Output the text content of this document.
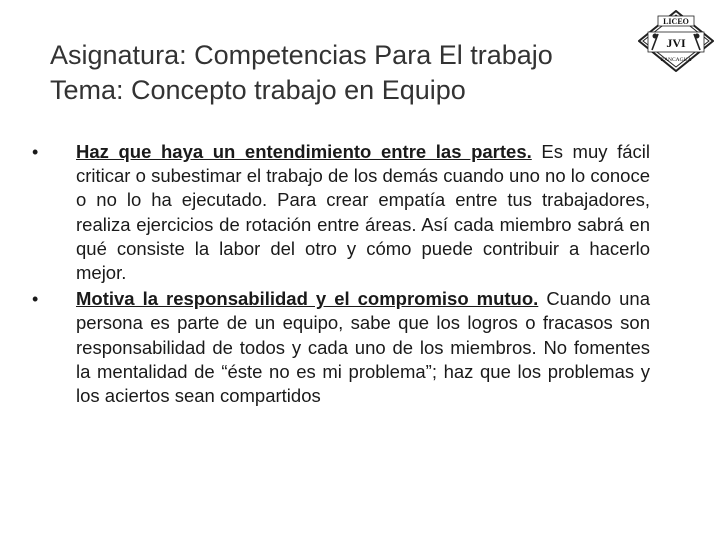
Asignatura: Competencias Para El trabajo
Tema: Concepto trabajo en Equipo
LICEO
JVI
RANCAGUA
• Haz que haya un entendimiento entre las partes. Es muy fácil criticar o subestimar el trabajo de los demás cuando uno no lo conoce o no lo ha ejecutado. Para crear empatía entre tus trabajadores, realiza ejercicios de rotación entre áreas. Así cada miembro sabrá en qué consiste la labor del otro y cómo puede contribuir a hacerlo mejor.
• Motiva la responsabilidad y el compromiso mutuo. Cuando una persona es parte de un equipo, sabe que los logros o fracasos son responsabilidad de todos y cada uno de los miembros. No fomentes la mentalidad de “éste no es mi problema”; haz que los problemas y los aciertos sean compartidos
